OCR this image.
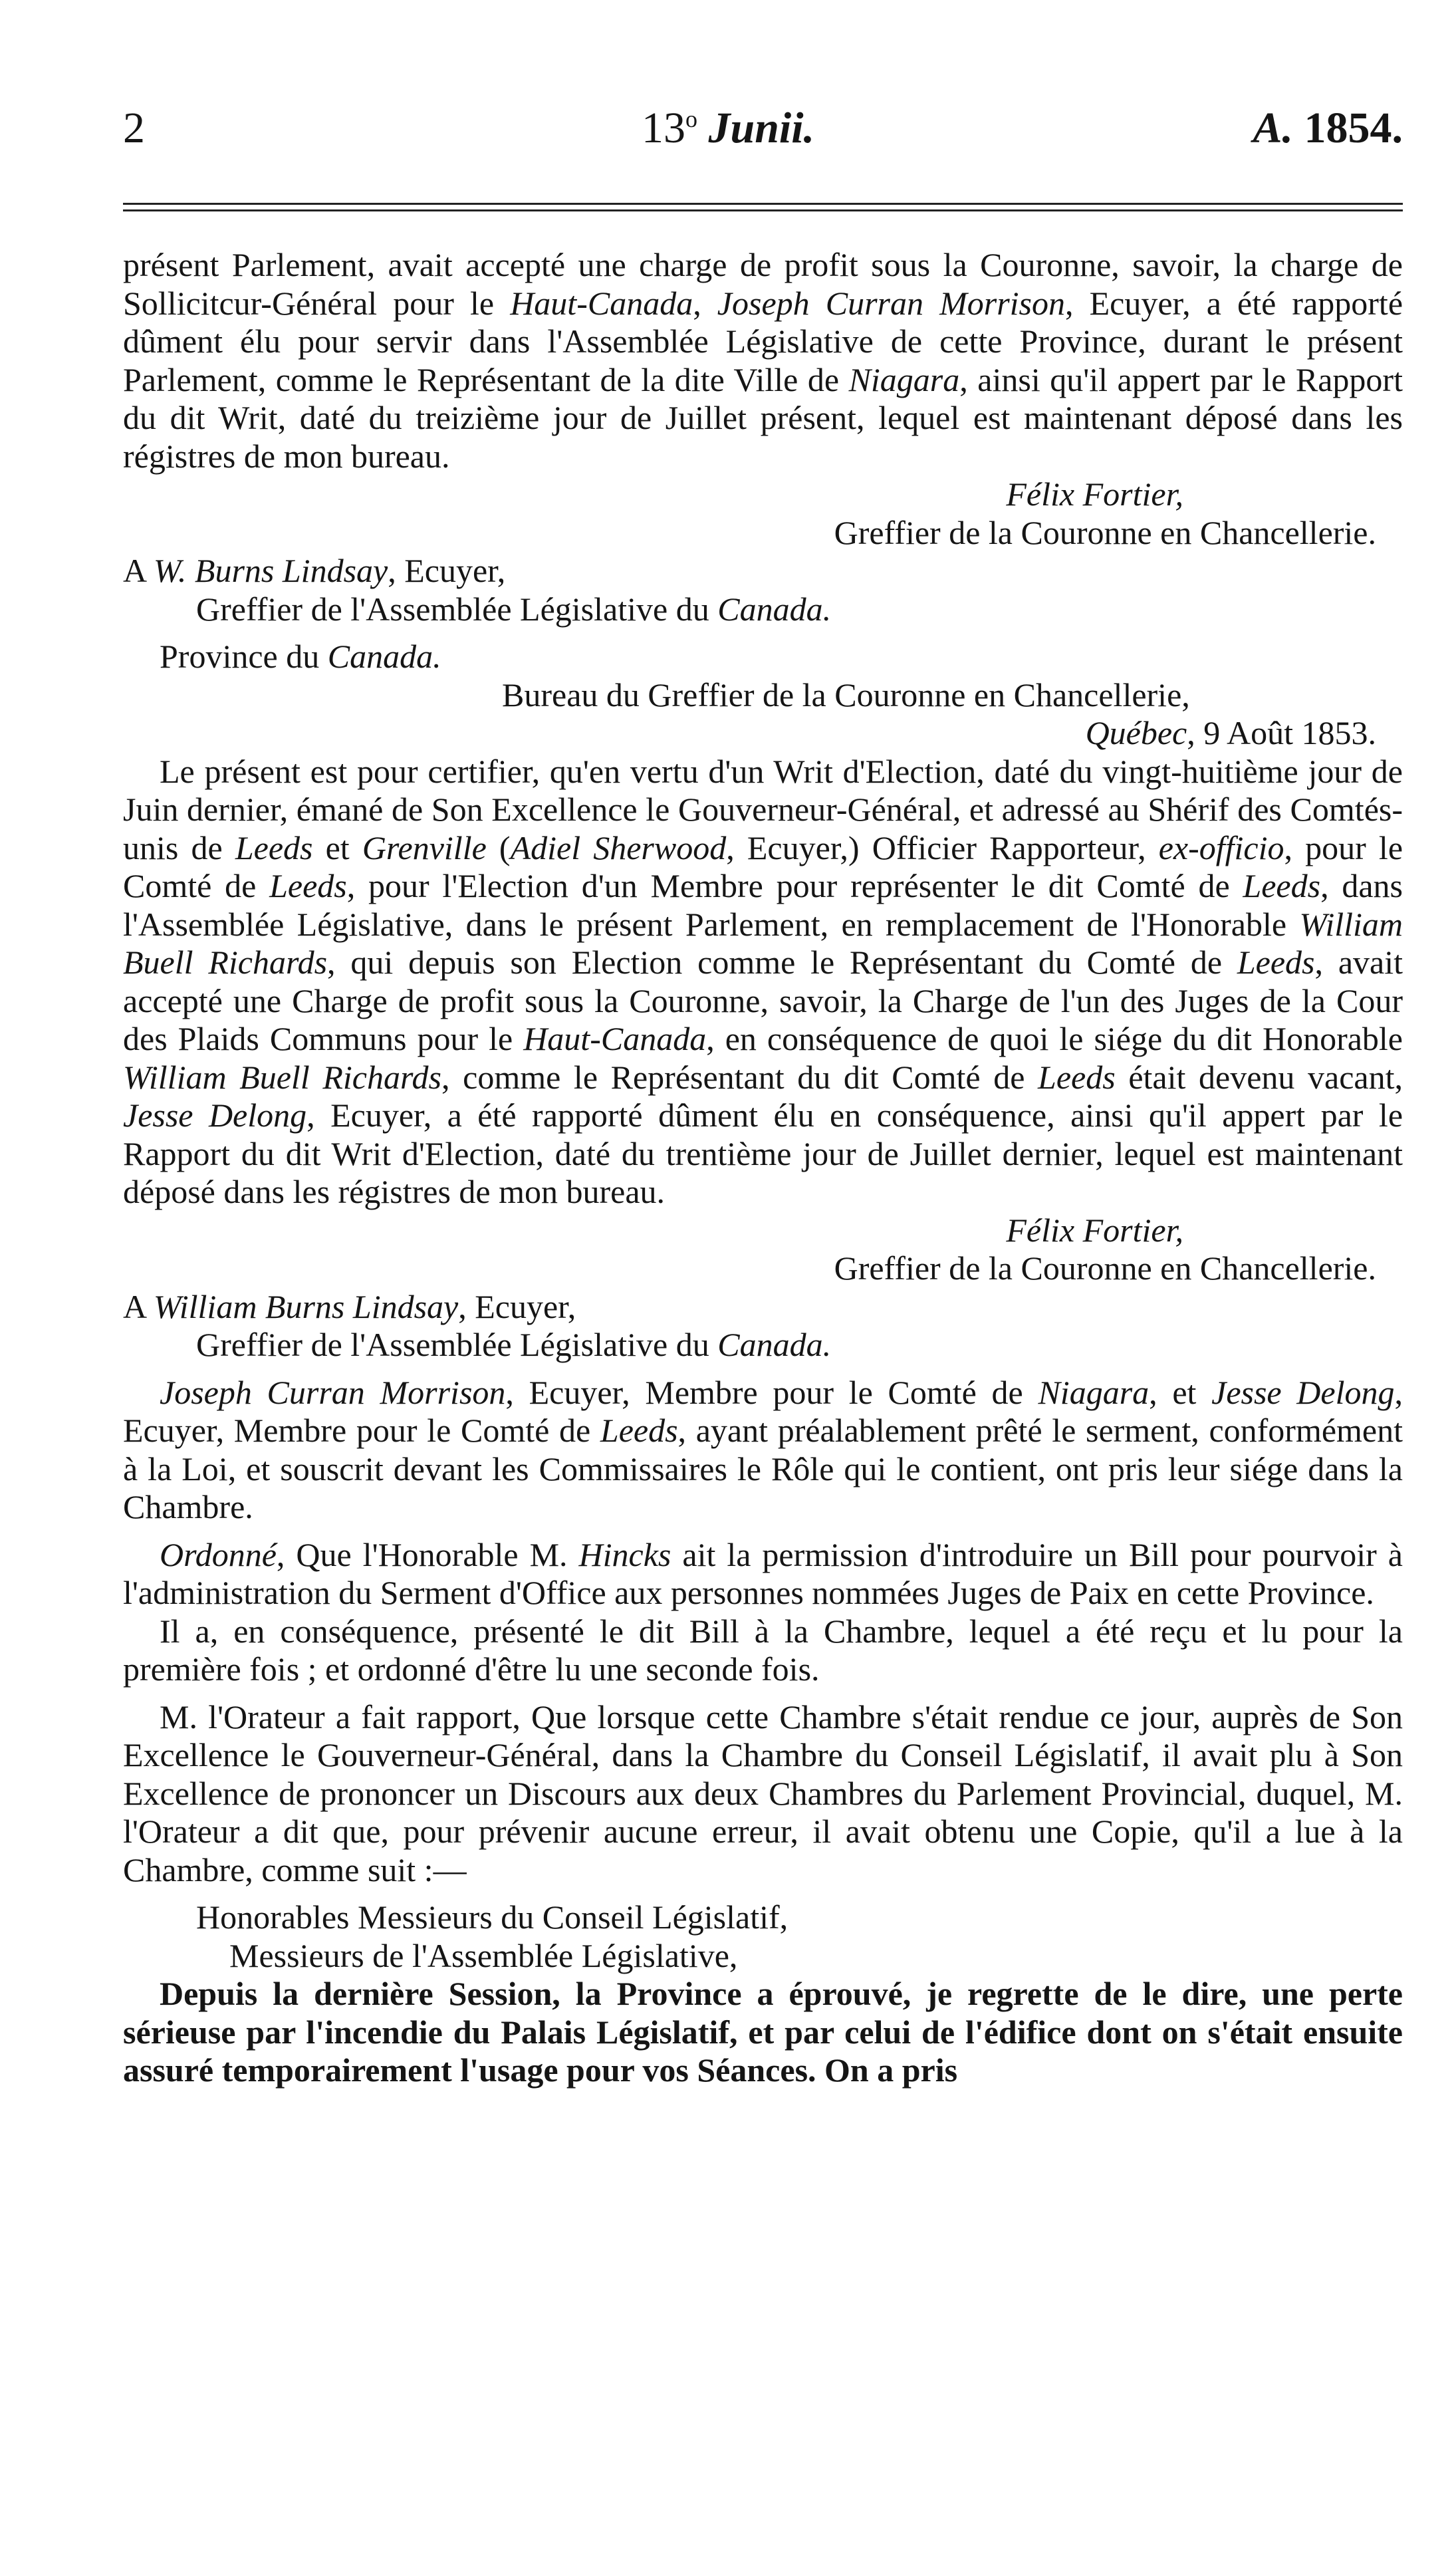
2	13$^o$ Junii.	A. 1854.

présent Parlement, avait accepté une charge de profit sous la Couronne, savoir, la charge de Sollicitcur-Général pour le Haut-Canada, Joseph Curran Morrison, Ecuyer, a été rapporté dûment élu pour servir dans l'Assemblée Législative de cette Province, durant le présent Parlement, comme le Représentant de la dite Ville de Niagara, ainsi qu'il appert par le Rapport du dit Writ, daté du treizième jour de Juillet présent, lequel est maintenant déposé dans les régistres de mon bureau.

Félix Fortier,

Greffier de la Couronne en Chancellerie.

A W. Burns Lindsay, Ecuyer,

Greffier de l'Assemblée Législative du Canada.

Province du Canada.

Bureau du Greffier de la Couronne en Chancellerie,

Québec, 9 Août 1853.

Le présent est pour certifier, qu'en vertu d'un Writ d'Election, daté du vingt-huitième jour de Juin dernier, émané de Son Excellence le Gouverneur-Général, et adressé au Shérif des Comtés-unis de Leeds et Grenville (Adiel Sherwood, Ecuyer,) Officier Rapporteur, ex-officio, pour le Comté de Leeds, pour l'Election d'un Membre pour représenter le dit Comté de Leeds, dans l'Assemblée Législative, dans le présent Parlement, en remplacement de l'Honorable William Buell Richards, qui depuis son Election comme le Représentant du Comté de Leeds, avait accepté une Charge de profit sous la Couronne, savoir, la Charge de l'un des Juges de la Cour des Plaids Communs pour le Haut-Canada, en conséquence de quoi le siége du dit Honorable William Buell Richards, comme le Représentant du dit Comté de Leeds était devenu vacant, Jesse Delong, Ecuyer, a été rapporté dûment élu en conséquence, ainsi qu'il appert par le Rapport du dit Writ d'Election, daté du trentième jour de Juillet dernier, lequel est maintenant déposé dans les régistres de mon bureau.

Félix Fortier,

Greffier de la Couronne en Chancellerie.

A William Burns Lindsay, Ecuyer,

Greffier de l'Assemblée Législative du Canada.

Joseph Curran Morrison, Ecuyer, Membre pour le Comté de Niagara, et Jesse Delong, Ecuyer, Membre pour le Comté de Leeds, ayant préalablement prêté le serment, conformément à la Loi, et souscrit devant les Commissaires le Rôle qui le contient, ont pris leur siége dans la Chambre.

Ordonné, Que l'Honorable M. Hincks ait la permission d'introduire un Bill pour pourvoir à l'administration du Serment d'Office aux personnes nommées Juges de Paix en cette Province.

Il a, en conséquence, présenté le dit Bill à la Chambre, lequel a été reçu et lu pour la première fois ; et ordonné d'être lu une seconde fois.

M. l'Orateur a fait rapport, Que lorsque cette Chambre s'était rendue ce jour, auprès de Son Excellence le Gouverneur-Général, dans la Chambre du Conseil Législatif, il avait plu à Son Excellence de prononcer un Discours aux deux Chambres du Parlement Provincial, duquel, M. l'Orateur a dit que, pour prévenir aucune erreur, il avait obtenu une Copie, qu'il a lue à la Chambre, comme suit :—

Honorables Messieurs du Conseil Législatif,

Messieurs de l'Assemblée Législative,

Depuis la dernière Session, la Province a éprouvé, je regrette de le dire, une perte sérieuse par l'incendie du Palais Législatif, et par celui de l'édifice dont on s'était ensuite assuré temporairement l'usage pour vos Séances. On a pris
